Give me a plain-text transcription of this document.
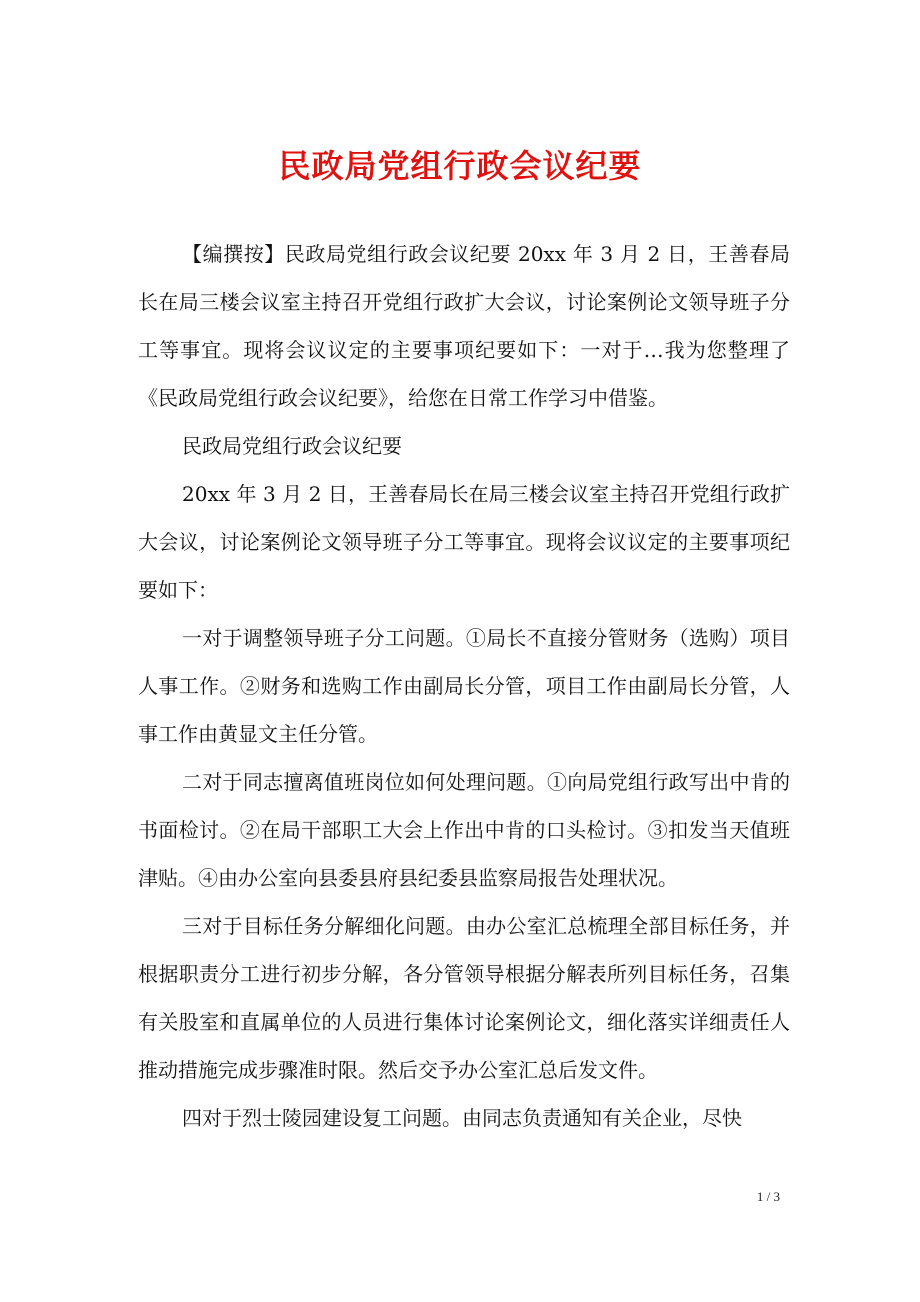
民政局党组行政会议纪要

【编撰按】民政局党组行政会议纪要 20xx 年 3 月 2 日，王善春局长在局三楼会议室主持召开党组行政扩大会议，讨论案例论文领导班子分工等事宜。现将会议议定的主要事项纪要如下：一对于…我为您整理了《民政局党组行政会议纪要》，给您在日常工作学习中借鉴。

民政局党组行政会议纪要

20xx 年 3 月 2 日，王善春局长在局三楼会议室主持召开党组行政扩大会议，讨论案例论文领导班子分工等事宜。现将会议议定的主要事项纪要如下：

一对于调整领导班子分工问题。①局长不直接分管财务（选购）项目人事工作。②财务和选购工作由副局长分管，项目工作由副局长分管，人事工作由黄显文主任分管。

二对于同志擅离值班岗位如何处理问题。①向局党组行政写出中肯的书面检讨。②在局干部职工大会上作出中肯的口头检讨。③扣发当天值班津贴。④由办公室向县委县府县纪委县监察局报告处理状况。

三对于目标任务分解细化问题。由办公室汇总梳理全部目标任务，并根据职责分工进行初步分解，各分管领导根据分解表所列目标任务，召集有关股室和直属单位的人员进行集体讨论案例论文，细化落实详细责任人推动措施完成步骤准时限。然后交予办公室汇总后发文件。

四对于烈士陵园建设复工问题。由同志负责通知有关企业，尽快

1 / 3
